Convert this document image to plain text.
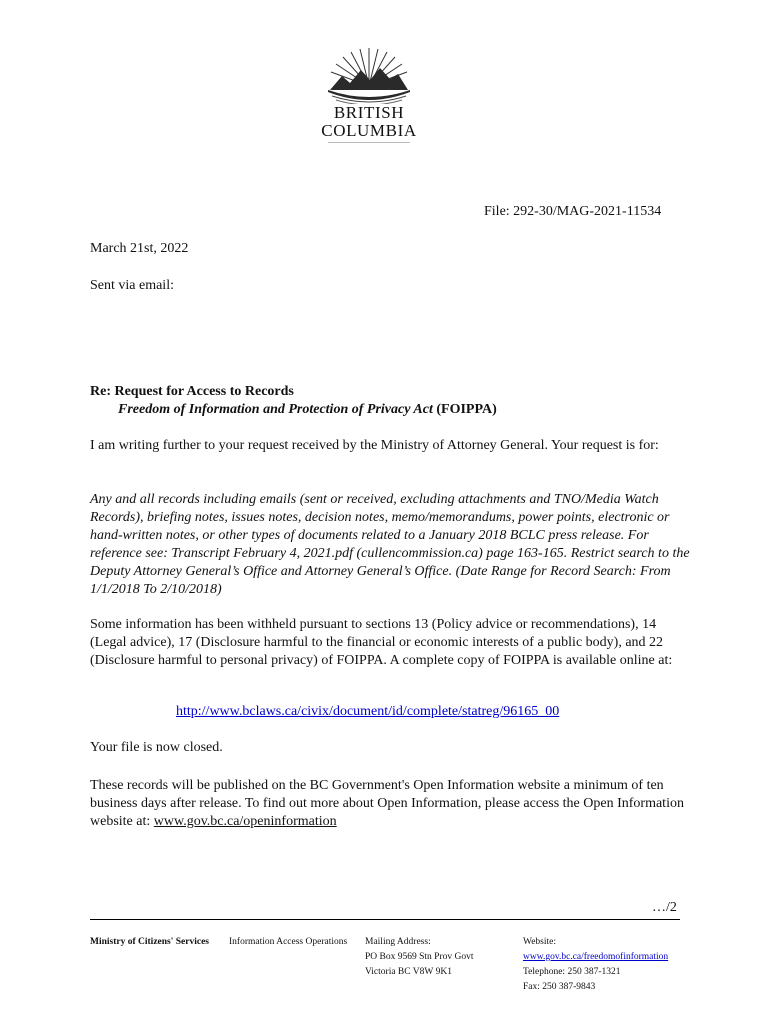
BRITISH
COLUMBIA
File: 292-30/MAG-2021-11534
March 21st, 2022
Sent via email:
Re: Request for Access to Records
Freedom of Information and Protection of Privacy Act (FOIPPA)
I am writing further to your request received by the Ministry of Attorney General. Your request is for:
Any and all records including emails (sent or received, excluding attachments and TNO/Media Watch Records), briefing notes, issues notes, decision notes, memo/memorandums, power points, electronic or hand-written notes, or other types of documents related to a January 2018 BCLC press release. For reference see: Transcript February 4, 2021.pdf (cullencommission.ca) page 163-165. Restrict search to the Deputy Attorney General’s Office and Attorney General’s Office. (Date Range for Record Search: From 1/1/2018 To 2/10/2018)
Some information has been withheld pursuant to sections 13 (Policy advice or recommendations), 14 (Legal advice), 17 (Disclosure harmful to the financial or economic interests of a public body), and 22 (Disclosure harmful to personal privacy) of FOIPPA. A complete copy of FOIPPA is available online at:
http://www.bclaws.ca/civix/document/id/complete/statreg/96165_00
Your file is now closed.
These records will be published on the BC Government's Open Information website a minimum of ten business days after release. To find out more about Open Information, please access the Open Information website at: www.gov.bc.ca/openinformation
…/2
Ministry of Citizens' Services Information Access Operations Mailing Address:
PO Box 9569 Stn Prov Govt
Victoria BC V8W 9K1
Website:
www.gov.bc.ca/freedomofinformation
Telephone: 250 387-1321
Fax: 250 387-9843
